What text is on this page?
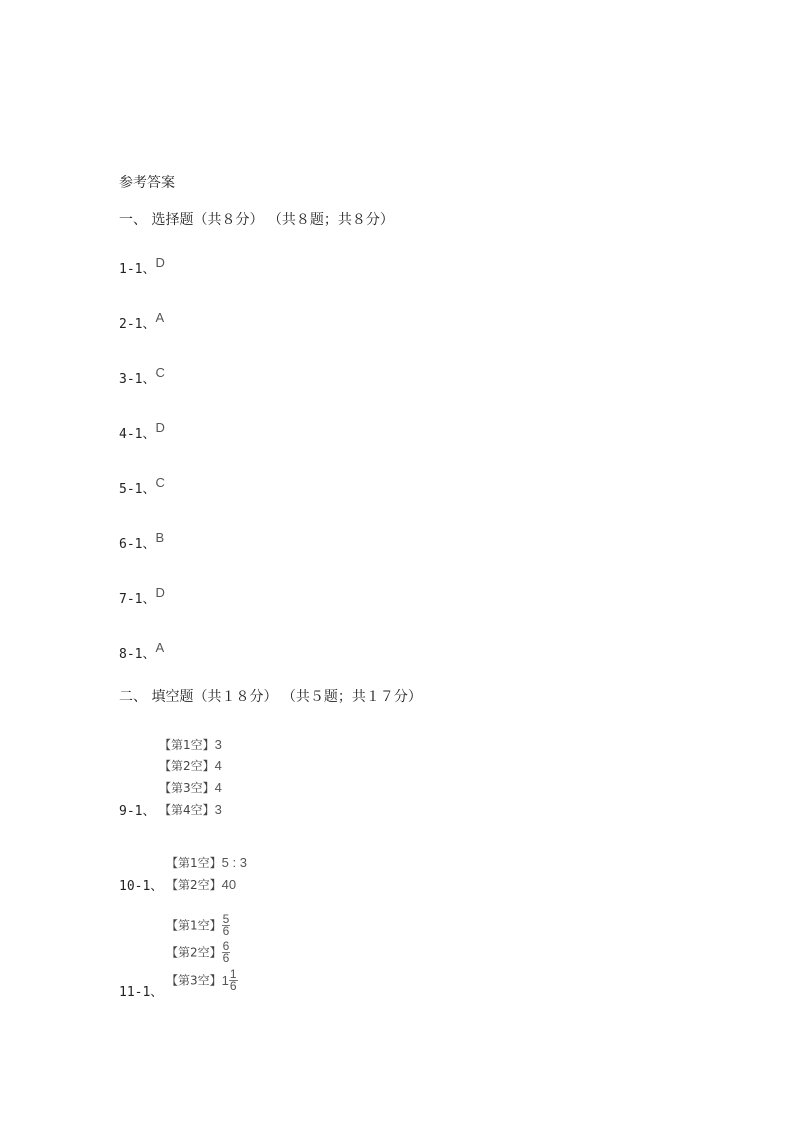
参考答案
一、 选择题（共８分） （共８题；共８分）
1-1、$^D$
2-1、$^A$
3-1、$^C$
4-1、$^D$
5-1、$^C$
6-1、$^B$
7-1、$^D$
8-1、$^A$
二、 填空题（共１８分） （共５题；共１７分）
【第1空】3
【第2空】4
【第3空】4
【第4空】3
9-1、
【第1空】5 : 3
【第2空】40
10-1、
【第1空】 $\frac{5}{6}$
【第2空】 $\frac{6}{6}$
【第3空】$1 \frac{1}{6}$
11-1、
